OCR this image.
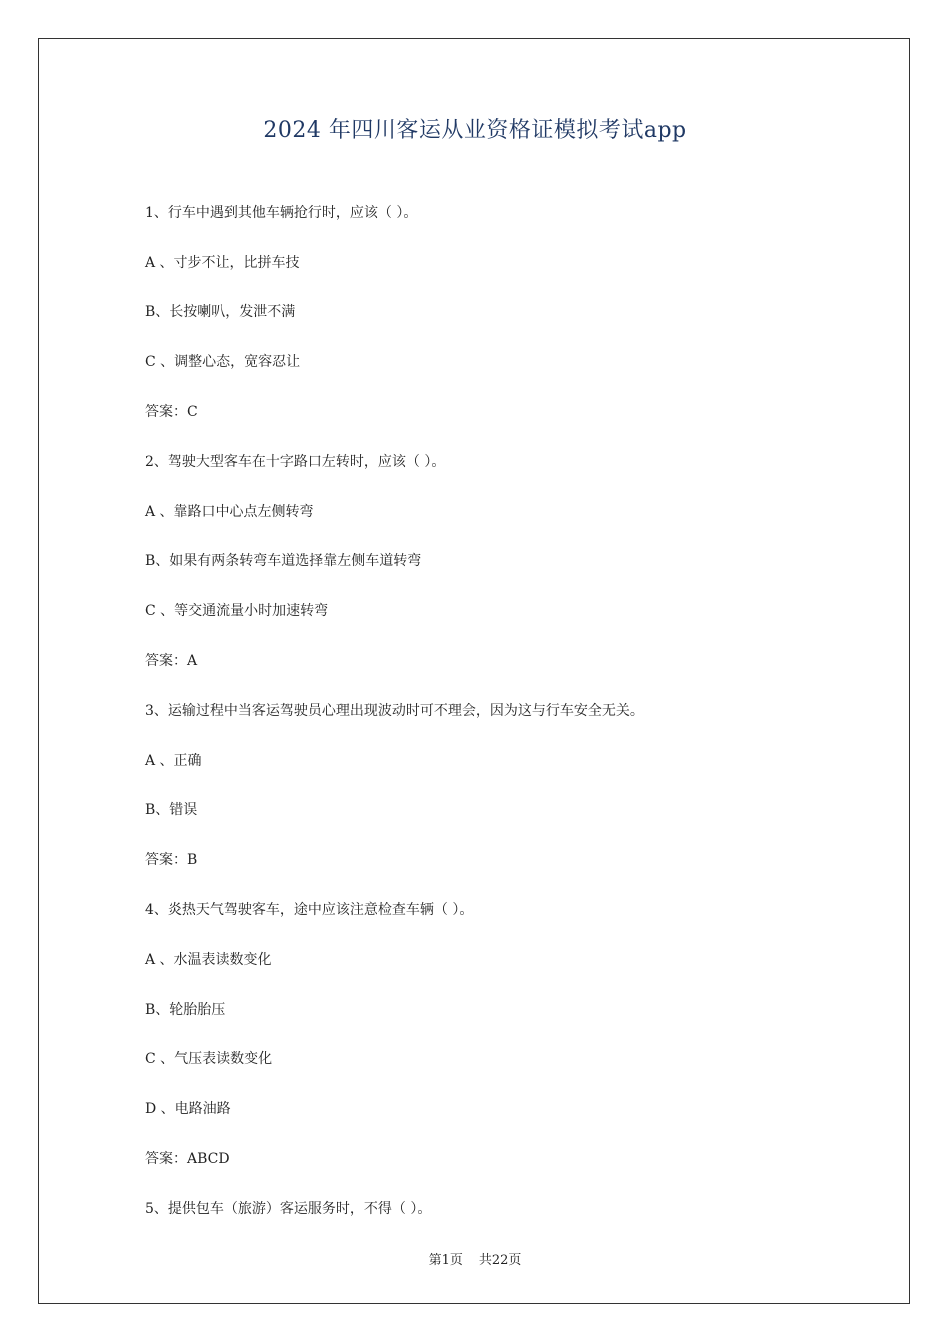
2024 年四川客运从业资格证模拟考试app
1、行车中遇到其他车辆抢行时，应该（ ）。
A 、寸步不让，比拼车技
B、长按喇叭，发泄不满
C 、调整心态，宽容忍让
答案：C
2、驾驶大型客车在十字路口左转时，应该（ ）。
A 、靠路口中心点左侧转弯
B、如果有两条转弯车道选择靠左侧车道转弯
C 、等交通流量小时加速转弯
答案：A
3、运输过程中当客运驾驶员心理出现波动时可不理会，因为这与行车安全无关。
A 、正确
B、错误
答案：B
4、炎热天气驾驶客车，途中应该注意检查车辆（ ）。
A 、水温表读数变化
B、轮胎胎压
C 、气压表读数变化
D 、电路油路
答案：ABCD
5、提供包车（旅游）客运服务时，不得（ ）。
第1页 共22页
